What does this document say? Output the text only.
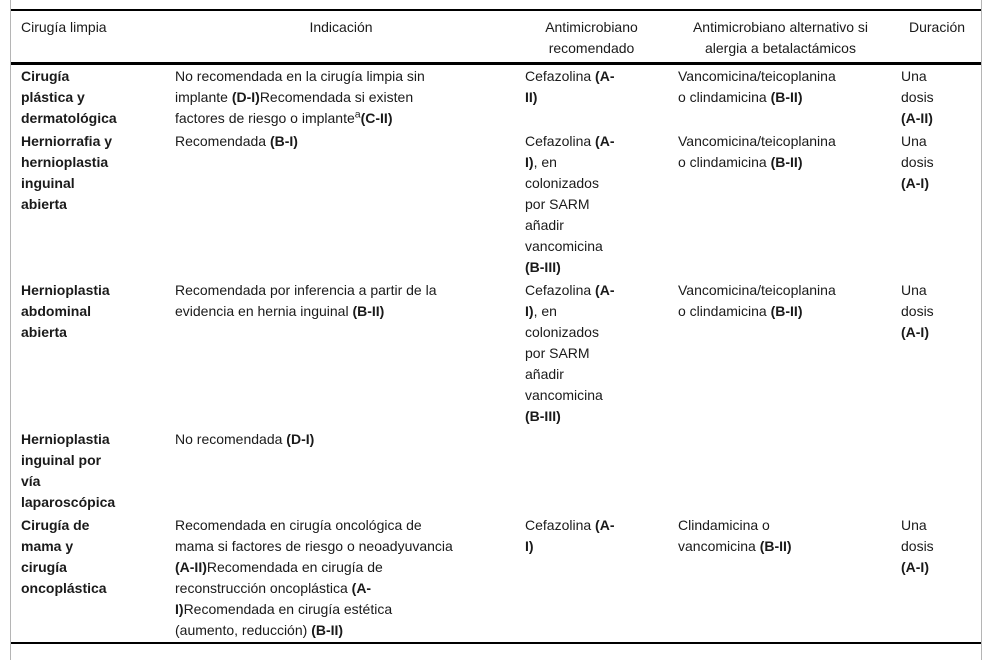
Cirugía limpia	Indicación	Antimicrobiano recomendado	Antimicrobiano alternativo si alergia a betalactámicos	Duración

Cirugía plástica y dermatológica	No recomendada en la cirugía limpia sin implante (D-I)Recomendada si existen factores de riesgo o implante$^a$(C-II)	Cefazolina (A-II)	Vancomicina/teicoplanina o clindamicina (B-II)	Una dosis (A-II)

Herniorrafia y hernioplastia inguinal abierta	Recomendada (B-I)	Cefazolina (A-I), en colonizados por SARM añadir vancomicina (B-III)	Vancomicina/teicoplanina o clindamicina (B-II)	Una dosis (A-I)

Hernioplastia abdominal abierta	Recomendada por inferencia a partir de la evidencia en hernia inguinal (B-II)	Cefazolina (A-I), en colonizados por SARM añadir vancomicina (B-III)	Vancomicina/teicoplanina o clindamicina (B-II)	Una dosis (A-I)

Hernioplastia inguinal por vía laparoscópica	No recomendada (D-I)			

Cirugía de mama y cirugía oncoplástica	Recomendada en cirugía oncológica de mama si factores de riesgo o neoadyuvancia (A-II)Recomendada en cirugía de reconstrucción oncoplástica (A-I)Recomendada en cirugía estética (aumento, reducción) (B-II)	Cefazolina (A-I)	Clindamicina o vancomicina (B-II)	Una dosis (A-I)
